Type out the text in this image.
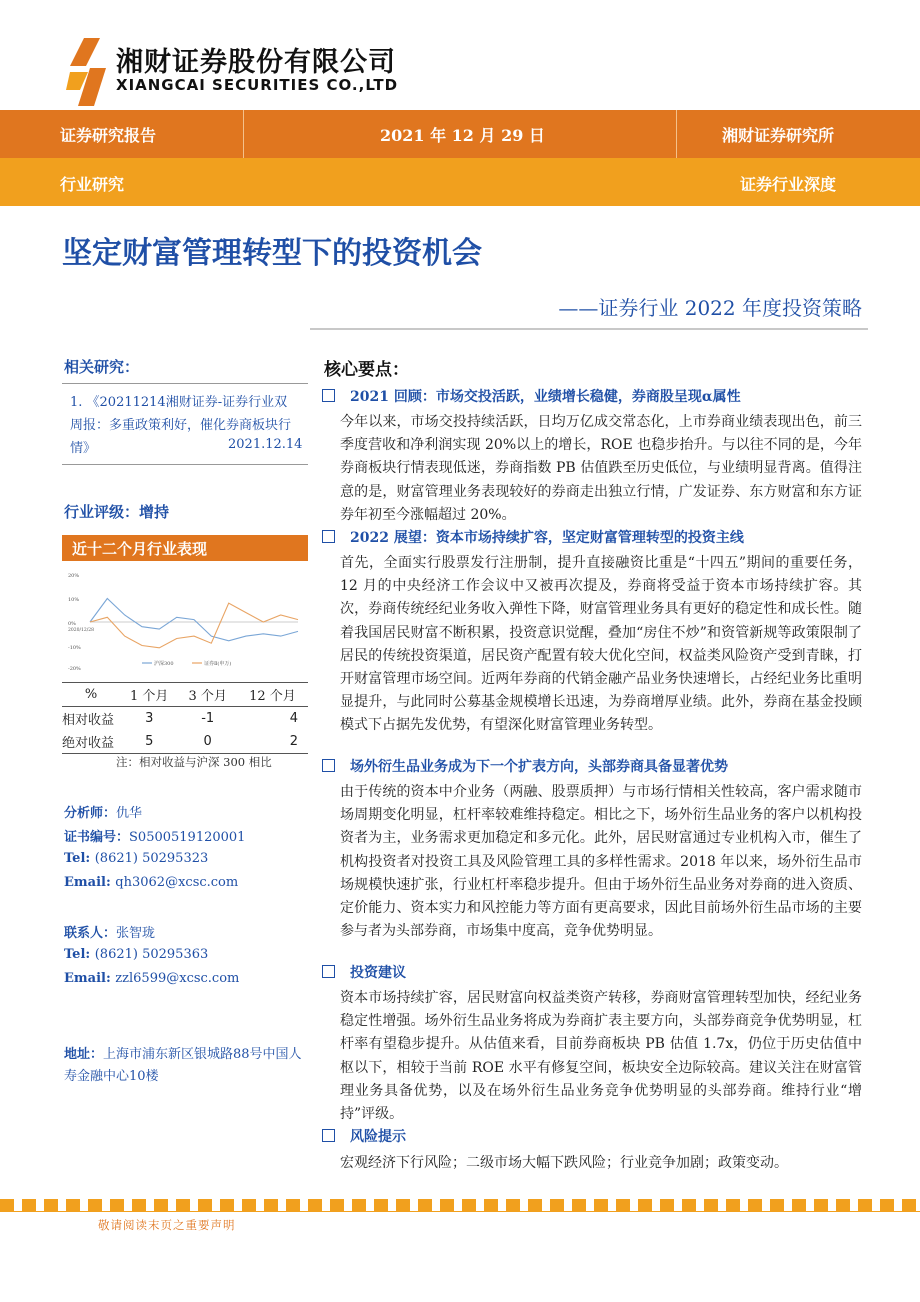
湘财证券股份有限公司
XIANGCAI SECURITIES CO.,LTD
证券研究报告	2021 年 12 月 29 日	湘财证券研究所
行业研究	证券行业深度
坚定财富管理转型下的投资机会
——证券行业 2022 年度投资策略
相关研究：
1. 《20211214湘财证券-证券行业双周报：多重政策利好，催化券商板块行情》	2021.12.14
行业评级：增持
近十二个月行业表现
20%
10%
0%
-10%
-20%
2020/12/28
沪深300	证券Ⅱ(申万)
%	1 个月	3 个月	12 个月
相对收益	3	-1	4
绝对收益	5	0	2
注：相对收益与沪深 300 相比
分析师：仇华
证书编号：S0500519120001
Tel: (8621) 50295323
Email: qh3062@xcsc.com
联系人：张智珑
Tel: (8621) 50295363
Email: zzl6599@xcsc.com
地址：上海市浦东新区银城路88号中国人寿金融中心10楼
核心要点：
2021 回顾：市场交投活跃，业绩增长稳健，券商股呈现α属性
今年以来，市场交投持续活跃，日均万亿成交常态化，上市券商业绩表现出色，前三季度营收和净利润实现 20%以上的增长，ROE 也稳步抬升。与以往不同的是，今年券商板块行情表现低迷，券商指数 PB 估值跌至历史低位，与业绩明显背离。值得注意的是，财富管理业务表现较好的券商走出独立行情，广发证券、东方财富和东方证券年初至今涨幅超过 20%。
2022 展望：资本市场持续扩容，坚定财富管理转型的投资主线
首先，全面实行股票发行注册制，提升直接融资比重是“十四五”期间的重要任务，12 月的中央经济工作会议中又被再次提及，券商将受益于资本市场持续扩容。其次，券商传统经纪业务收入弹性下降，财富管理业务具有更好的稳定性和成长性。随着我国居民财富不断积累，投资意识觉醒，叠加“房住不炒”和资管新规等政策限制了居民的传统投资渠道，居民资产配置有较大优化空间，权益类风险资产受到青睐，打开财富管理市场空间。近两年券商的代销金融产品业务快速增长，占经纪业务比重明显提升，与此同时公募基金规模增长迅速，为券商增厚业绩。此外，券商在基金投顾模式下占据先发优势，有望深化财富管理业务转型。
场外衍生品业务成为下一个扩表方向，头部券商具备显著优势
由于传统的资本中介业务（两融、股票质押）与市场行情相关性较高，客户需求随市场周期变化明显，杠杆率较难维持稳定。相比之下，场外衍生品业务的客户以机构投资者为主，业务需求更加稳定和多元化。此外，居民财富通过专业机构入市，催生了机构投资者对投资工具及风险管理工具的多样性需求。2018 年以来，场外衍生品市场规模快速扩张，行业杠杆率稳步提升。但由于场外衍生品业务对券商的进入资质、定价能力、资本实力和风控能力等方面有更高要求，因此目前场外衍生品市场的主要参与者为头部券商，市场集中度高，竞争优势明显。
投资建议
资本市场持续扩容，居民财富向权益类资产转移，券商财富管理转型加快，经纪业务稳定性增强。场外衍生品业务将成为券商扩表主要方向，头部券商竞争优势明显，杠杆率有望稳步提升。从估值来看，目前券商板块 PB 估值 1.7x，仍位于历史估值中枢以下，相较于当前 ROE 水平有修复空间，板块安全边际较高。建议关注在财富管理业务具备优势，以及在场外衍生品业务竞争优势明显的头部券商。维持行业“增持”评级。
风险提示
宏观经济下行风险；二级市场大幅下跌风险；行业竞争加剧；政策变动。
敬请阅读末页之重要声明
